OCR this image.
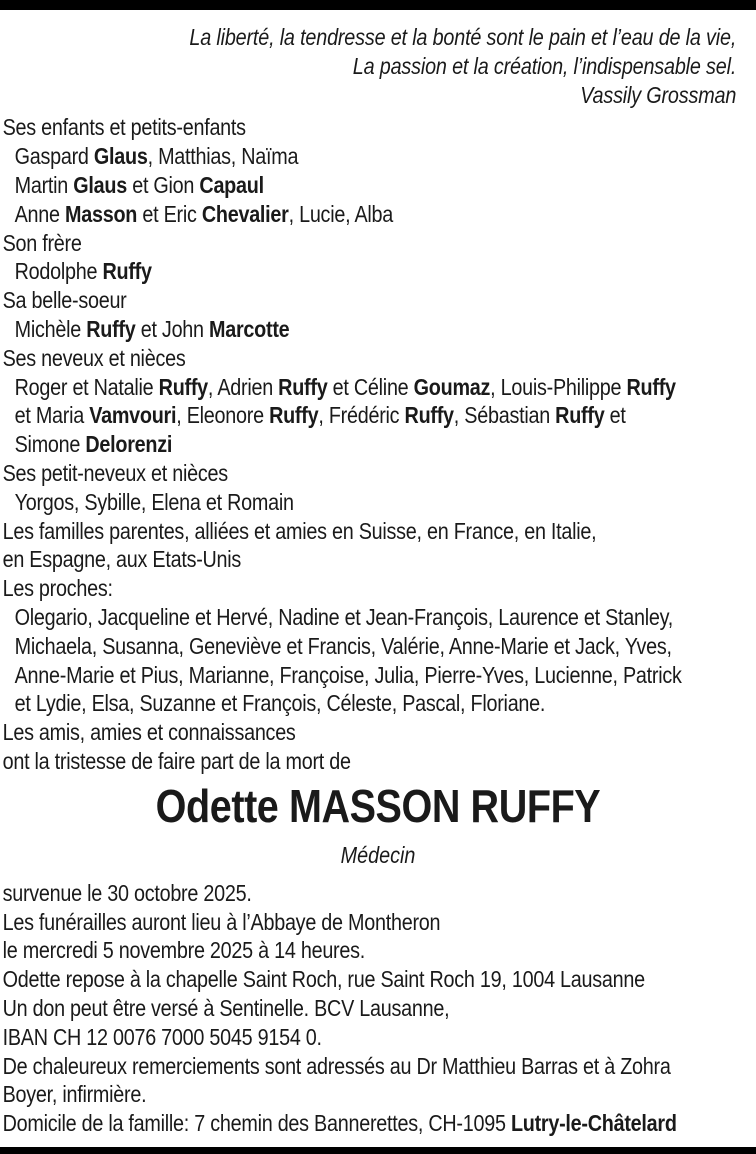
La liberté, la tendresse et la bonté sont le pain et l’eau de la vie,
La passion et la création, l’indispensable sel.
Vassily Grossman
Ses enfants et petits-enfants
Gaspard Glaus, Matthias, Naïma
Martin Glaus et Gion Capaul
Anne Masson et Eric Chevalier, Lucie, Alba
Son frère
Rodolphe Ruffy
Sa belle-soeur
Michèle Ruffy et John Marcotte
Ses neveux et nièces
Roger et Natalie Ruffy, Adrien Ruffy et Céline Goumaz, Louis-Philippe Ruffy
et Maria Vamvouri, Eleonore Ruffy, Frédéric Ruffy, Sébastian Ruffy et
Simone Delorenzi
Ses petit-neveux et nièces
Yorgos, Sybille, Elena et Romain
Les familles parentes, alliées et amies en Suisse, en France, en Italie,
en Espagne, aux Etats-Unis
Les proches:
Olegario, Jacqueline et Hervé, Nadine et Jean-François, Laurence et Stanley,
Michaela, Susanna, Geneviève et Francis, Valérie, Anne-Marie et Jack, Yves,
Anne-Marie et Pius, Marianne, Françoise, Julia, Pierre-Yves, Lucienne, Patrick
et Lydie, Elsa, Suzanne et François, Céleste, Pascal, Floriane.
Les amis, amies et connaissances
ont la tristesse de faire part de la mort de
Odette MASSON RUFFY
Médecin
survenue le 30 octobre 2025.
Les funérailles auront lieu à l’Abbaye de Montheron
le mercredi 5 novembre 2025 à 14 heures.
Odette repose à la chapelle Saint Roch, rue Saint Roch 19, 1004 Lausanne
Un don peut être versé à Sentinelle. BCV Lausanne,
IBAN CH 12 0076 7000 5045 9154 0.
De chaleureux remerciements sont adressés au Dr Matthieu Barras et à Zohra
Boyer, infirmière.
Domicile de la famille: 7 chemin des Bannerettes, CH-1095 Lutry-le-Châtelard
